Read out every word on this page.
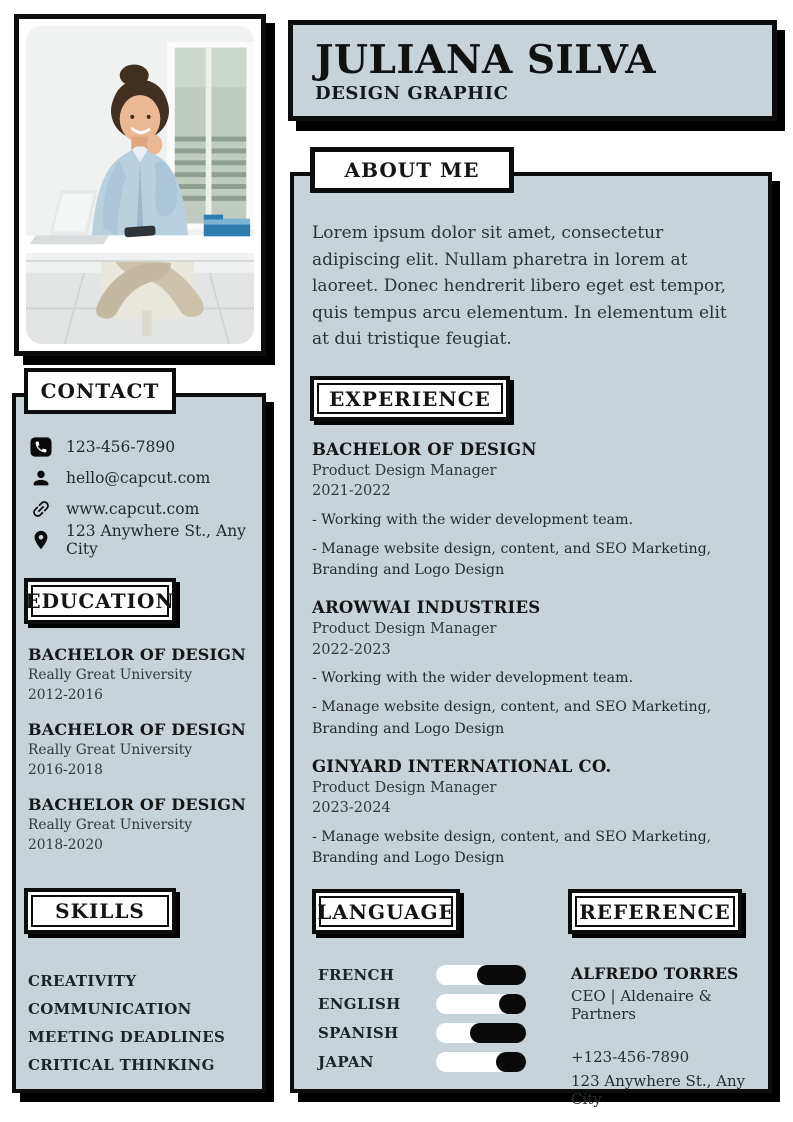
CONTACT
123-456-7890
hello@capcut.com
www.capcut.com
123 Anywhere St., Any City
EDUCATION
BACHELOR OF DESIGN
Really Great University
2012-2016
BACHELOR OF DESIGN
Really Great University
2016-2018
BACHELOR OF DESIGN
Really Great University
2018-2020
SKILLS
CREATIVITY
COMMUNICATION
MEETING DEADLINES
CRITICAL THINKING
JULIANA SILVA
DESIGN GRAPHIC
ABOUT ME

Lorem ipsum dolor sit amet, consectetur adipiscing elit. Nullam pharetra in lorem at laoreet. Donec hendrerit libero eget est tempor, quis tempus arcu elementum. In elementum elit at dui tristique feugiat.

EXPERIENCE
BACHELOR OF DESIGN
Product Design Manager
2021-2022
- Working with the wider development team.
- Manage website design, content, and SEO Marketing, Branding and Logo Design
AROWWAI INDUSTRIES
Product Design Manager
2022-2023
- Working with the wider development team.
- Manage website design, content, and SEO Marketing, Branding and Logo Design
GINYARD INTERNATIONAL CO.
Product Design Manager
2023-2024
- Manage website design, content, and SEO Marketing, Branding and Logo Design
LANGUAGE
FRENCH
ENGLISH
SPANISH
JAPAN
REFERENCE
ALFREDO TORRES
CEO | Aldenaire & Partners
+123-456-7890
123 Anywhere St., Any City
